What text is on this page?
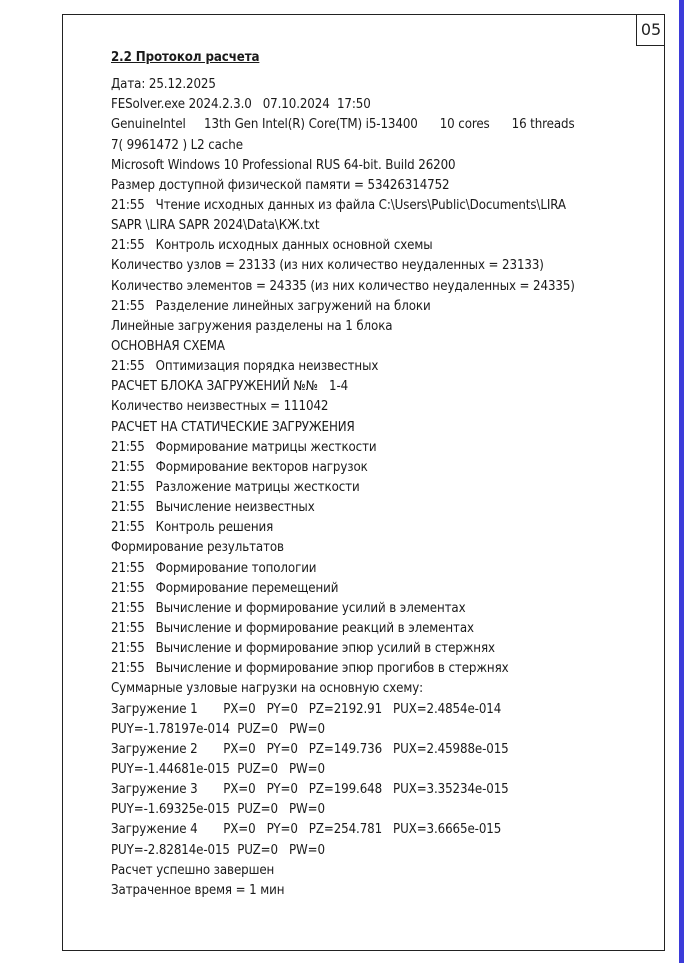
05
2.2 Протокол расчета
Дата: 25.12.2025
FESolver.exe 2024.2.3.0   07.10.2024  17:50
GenuineIntel     13th Gen Intel(R) Core(TM) i5-13400      10 cores      16 threads
7( 9961472 ) L2 cache
Microsoft Windows 10 Professional RUS 64-bit. Build 26200
Размер доступной физической памяти = 53426314752
21:55   Чтение исходных данных из файла C:\Users\Public\Documents\LIRA
SAPR \LIRA SAPR 2024\Data\КЖ.txt
21:55   Контроль исходных данных основной схемы
Количество узлов = 23133 (из них количество неудаленных = 23133)
Количество элементов = 24335 (из них количество неудаленных = 24335)
21:55   Разделение линейных загружений на блоки
Линейные загружения разделены на 1 блока
ОСНОВНАЯ СХЕМА
21:55   Оптимизация порядка неизвестных
РАСЧЕТ БЛОКА ЗАГРУЖЕНИЙ №№   1-4
Количество неизвестных = 111042
РАСЧЕТ НА СТАТИЧЕСКИЕ ЗАГРУЖЕНИЯ
21:55   Формирование матрицы жесткости
21:55   Формирование векторов нагрузок
21:55   Разложение матрицы жесткости
21:55   Вычисление неизвестных
21:55   Контроль решения
Формирование результатов
21:55   Формирование топологии
21:55   Формирование перемещений
21:55   Вычисление и формирование усилий в элементах
21:55   Вычисление и формирование реакций в элементах
21:55   Вычисление и формирование эпюр усилий в стержнях
21:55   Вычисление и формирование эпюр прогибов в стержнях
Суммарные узловые нагрузки на основную схему:
Загружение 1       PX=0   PY=0   PZ=2192.91   PUX=2.4854e-014
PUY=-1.78197e-014  PUZ=0   PW=0
Загружение 2       PX=0   PY=0   PZ=149.736   PUX=2.45988e-015
PUY=-1.44681e-015  PUZ=0   PW=0
Загружение 3       PX=0   PY=0   PZ=199.648   PUX=3.35234e-015
PUY=-1.69325e-015  PUZ=0   PW=0
Загружение 4       PX=0   PY=0   PZ=254.781   PUX=3.6665e-015
PUY=-2.82814e-015  PUZ=0   PW=0
Расчет успешно завершен
Затраченное время = 1 мин
